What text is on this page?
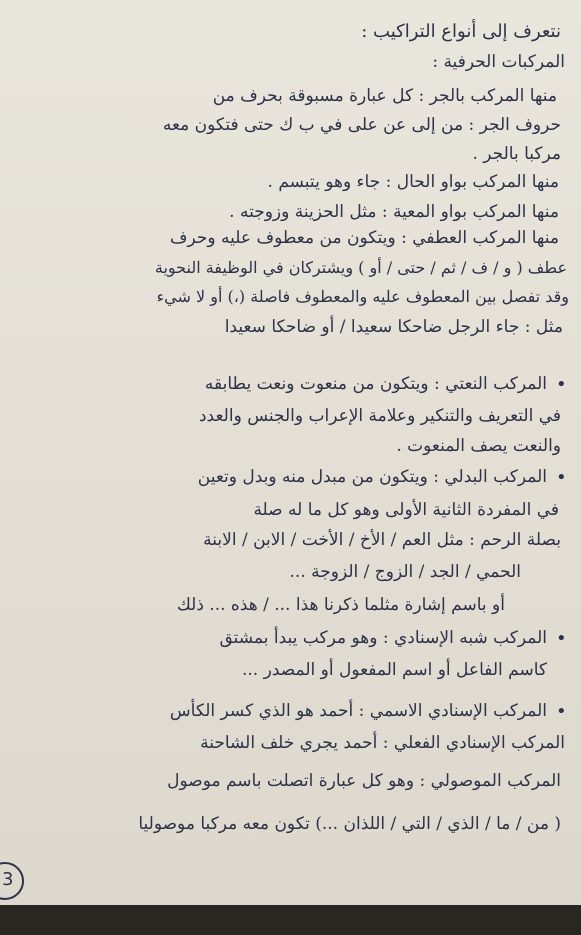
نتعرف إلى أنواع التراكيب :
المركبات الحرفية :
منها المركب بالجر : كل عبارة مسبوقة بحرف من
حروف الجر : من إلى عن على في ب ك حتى فتكون معه
مركبا بالجر .
منها المركب بواو الحال : جاء وهو يتبسم .
منها المركب بواو المعية : مثل الحزينة وزوجته .
منها المركب العطفي : ويتكون من معطوف عليه وحرف
عطف ( و / ف / ثم / حتى / أو ) ويشتركان في الوظيفة النحوية
وقد تفصل بين المعطوف عليه والمعطوف فاصلة (،) أو لا شيء
مثل : جاء الرجل ضاحكا سعيدا / أو ضاحكا سعيدا
•
المركب النعتي : ويتكون من منعوت ونعت يطابقه
في التعريف والتنكير وعلامة الإعراب والجنس والعدد
والنعت يصف المنعوت .
•
المركب البدلي : ويتكون من مبدل منه وبدل وتعين
في المفردة الثانية الأولى وهو كل ما له صلة
بصلة الرحم : مثل العم / الأخ / الأخت / الابن / الابنة
الحمي / الجد / الزوج / الزوجة ...
أو باسم إشارة مثلما ذكرنا هذا ... / هذه ... ذلك
•
المركب شبه الإسنادي : وهو مركب يبدأ بمشتق
كاسم الفاعل أو اسم المفعول أو المصدر ...
•
المركب الإسنادي الاسمي : أحمد هو الذي كسر الكأس
المركب الإسنادي الفعلي : أحمد يجري خلف الشاحنة
المركب الموصولي : وهو كل عبارة اتصلت باسم موصول
( من / ما / الذي / التي / اللذان ...) تكون معه مركبا موصوليا
3
